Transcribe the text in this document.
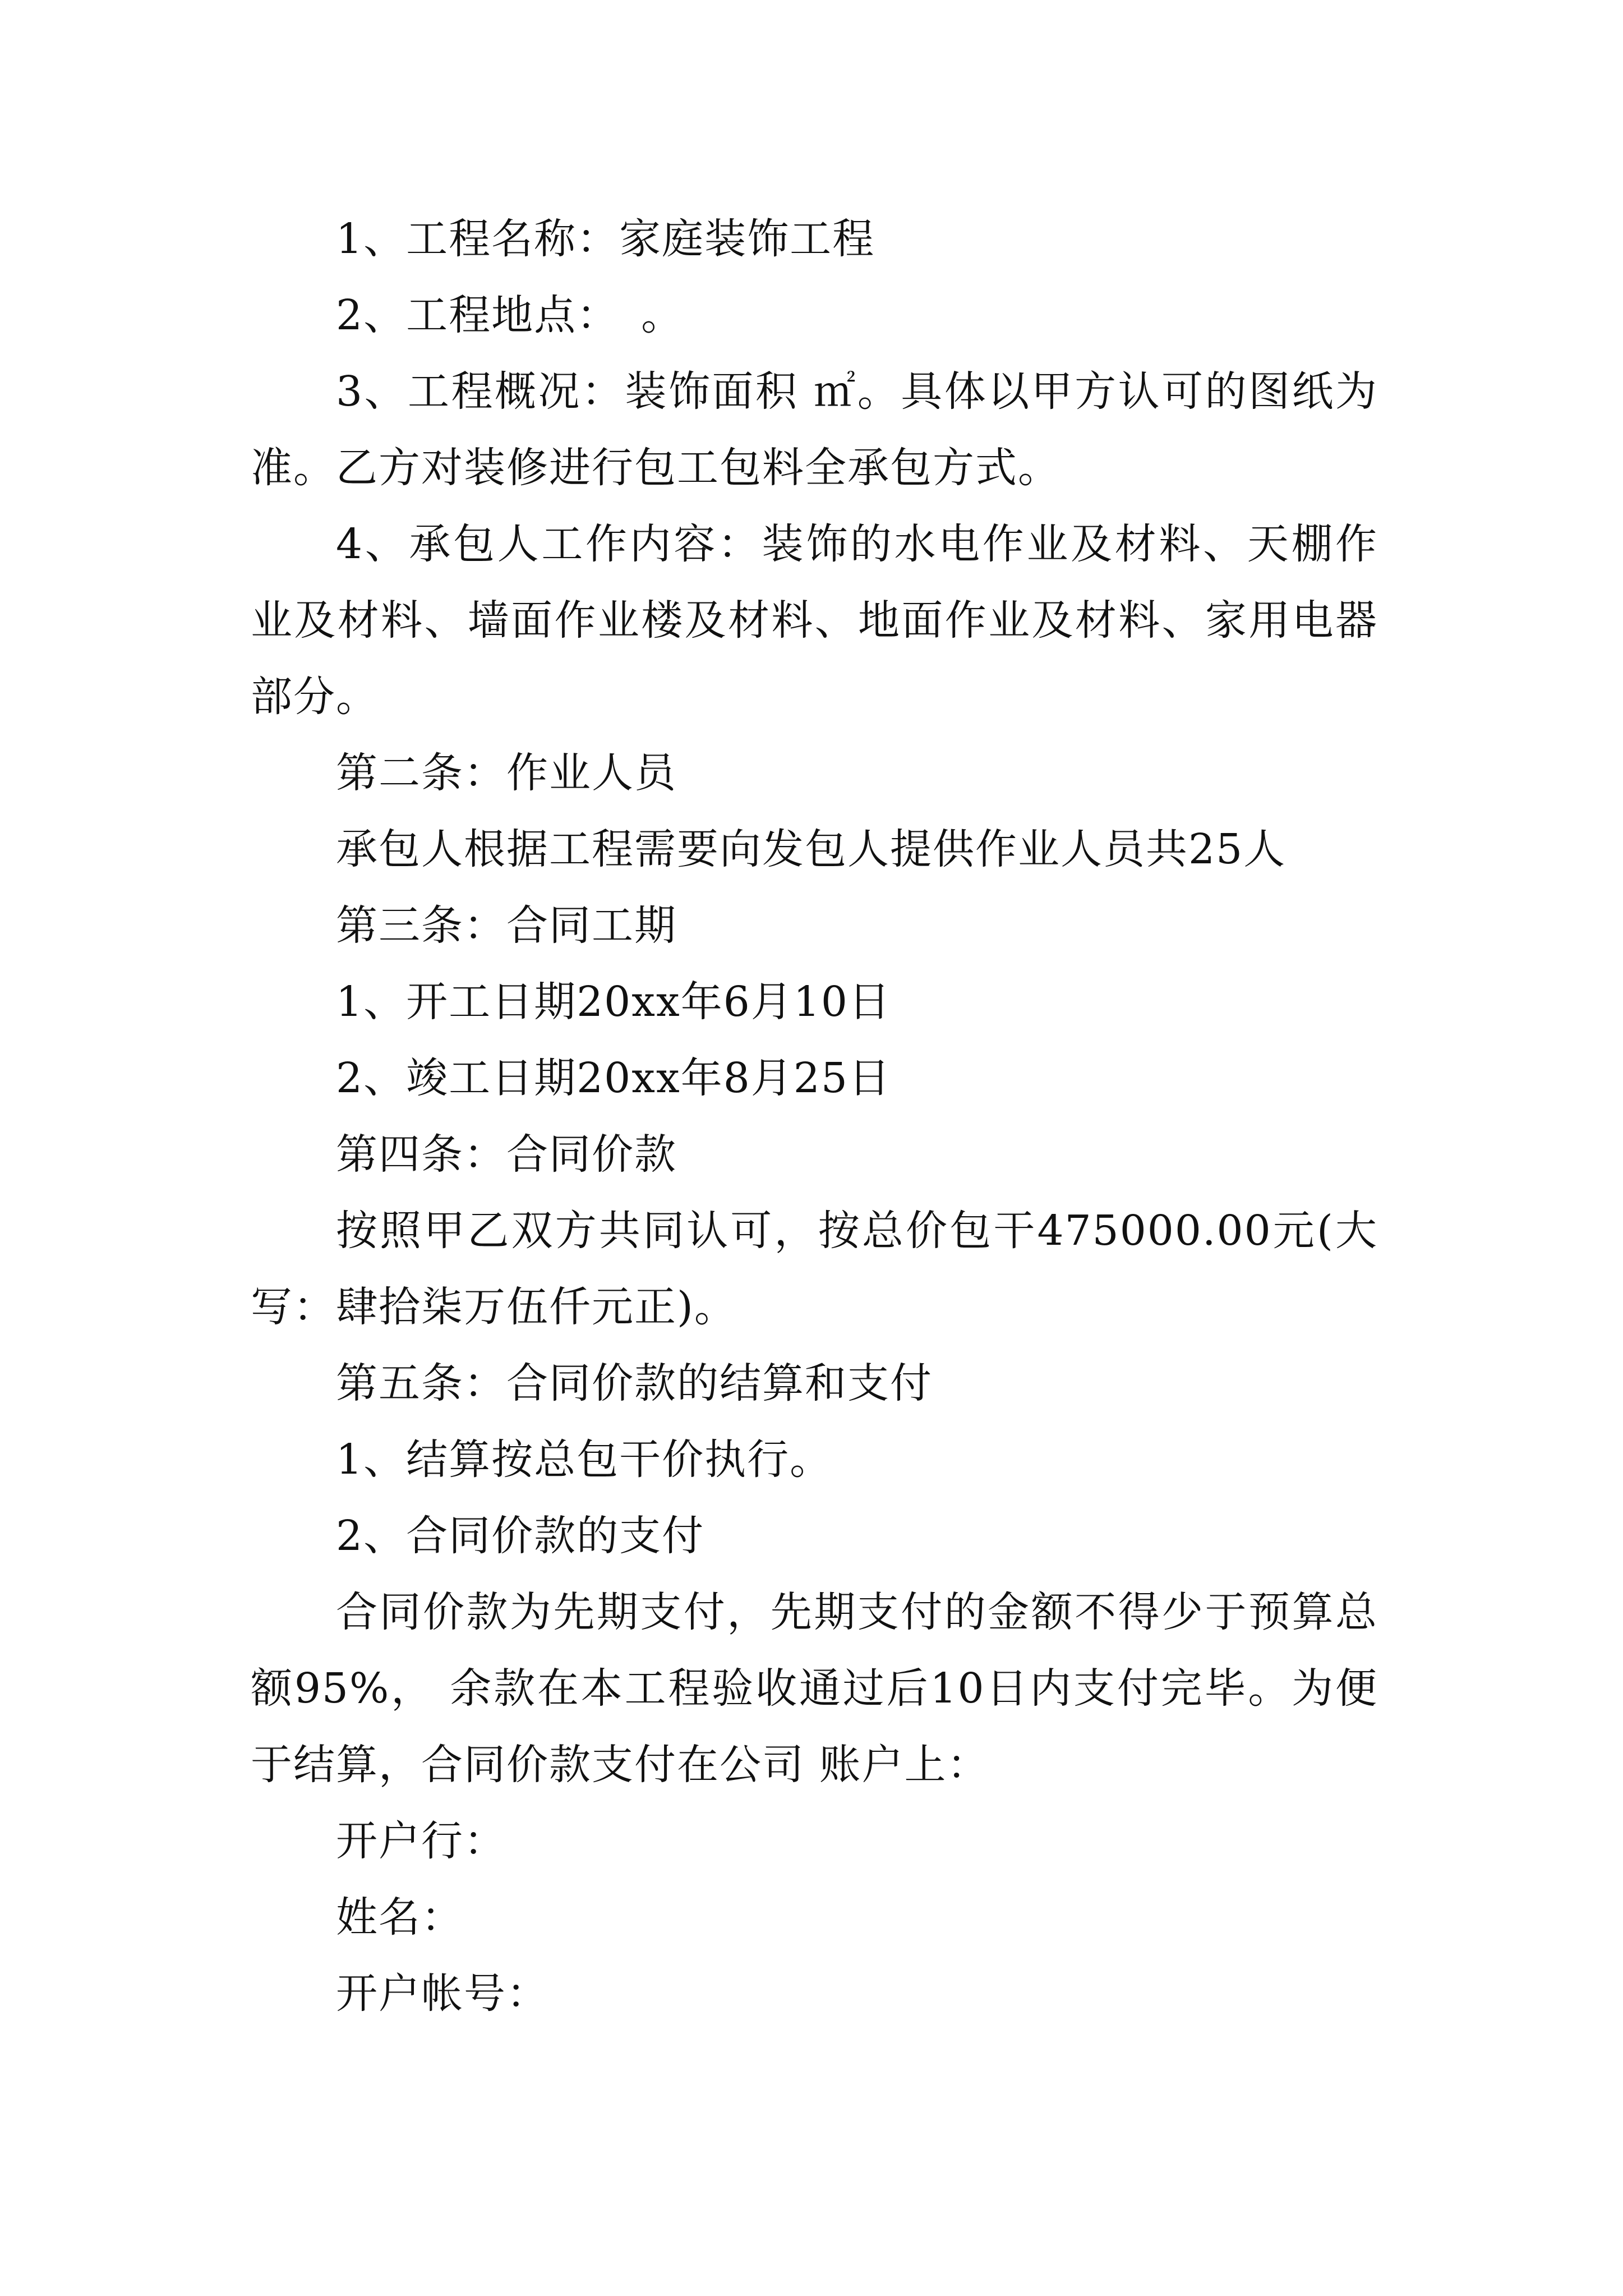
1、工程名称：家庭装饰工程

2、工程地点：　。

3、工程概况：装饰面积 ㎡。具体以甲方认可的图纸为准。乙方对装修进行包工包料全承包方式。

4、承包人工作内容：装饰的水电作业及材料、天棚作业及材料、墙面作业楼及材料、地面作业及材料、家用电器部分。

第二条：作业人员

承包人根据工程需要向发包人提供作业人员共25人

第三条：合同工期

1、开工日期20xx年6月10日

2、竣工日期20xx年8月25日

第四条：合同价款

按照甲乙双方共同认可，按总价包干475000.00元(大写：肆拾柒万伍仟元正)。

第五条：合同价款的结算和支付

1、结算按总包干价执行。

2、合同价款的支付

合同价款为先期支付，先期支付的金额不得少于预算总额95%， 余款在本工程验收通过后10日内支付完毕。为便于结算，合同价款支付在公司 账户上：

开户行：

姓名：

开户帐号：
